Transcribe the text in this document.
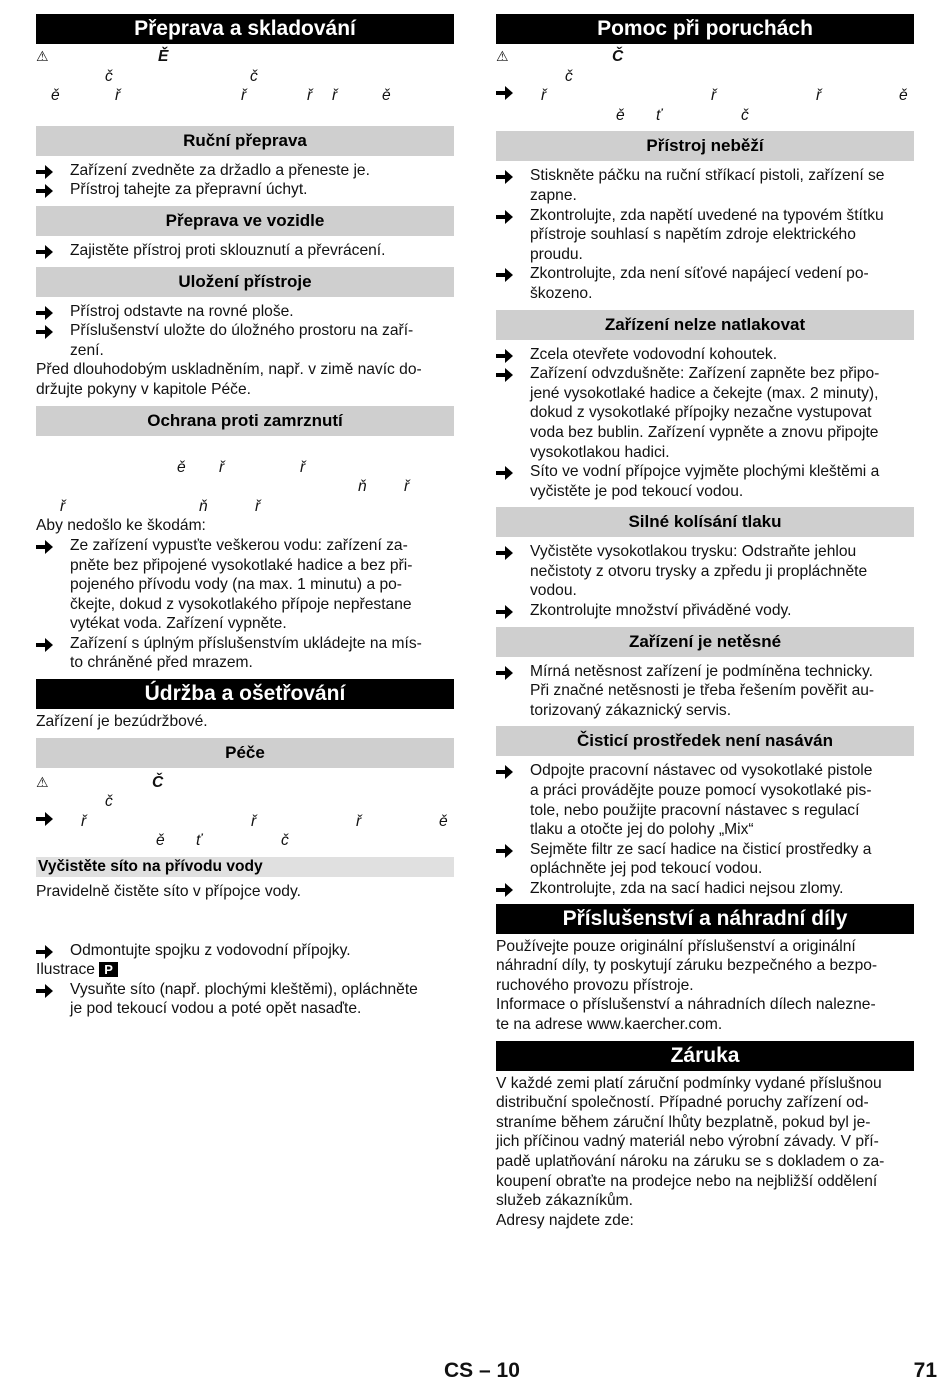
Přeprava a skladování
⚠	Ě
č	č
ě	ř	ř	ř ř	ě
Ruční přeprava
Zařízení zvedněte za držadlo a přeneste je.
Přístroj tahejte za přepravní úchyt.
Přeprava ve vozidle
Zajistěte přístroj proti sklouznutí a převrácení.
Uložení přístroje
Přístroj odstavte na rovné ploše.
Příslušenství uložte do úložného prostoru na zaří-
zení.
Před dlouhodobým uskladněním, např. v zimě navíc do-
držujte pokyny v kapitole Péče.
Ochrana proti zamrznutí
ě ř	ř
ň ř
ř	ň	ř
Aby nedošlo ke škodám:
Ze zařízení vypusťte veškerou vodu: zařízení za-
pněte bez připojené vysokotlaké hadice a bez při-
pojeného přívodu vody (na max. 1 minutu) a po-
čkejte, dokud z vysokotlakého přípoje nepřestane
vytékat voda. Zařízení vypněte.
Zařízení s úplným příslušenstvím ukládejte na mís-
to chráněné před mrazem.
Údržba a ošetřování
Zařízení je bezúdržbové.
Péče
⚠	Č
č
ř	ř	ř	ě
ě ť	č
Vyčistěte síto na přívodu vody
Pravidelně čistěte síto v přípojce vody.
Odmontujte spojku z vodovodní přípojky.
Ilustrace P
Vysuňte síto (např. plochými kleštěmi), opláchněte
je pod tekoucí vodou a poté opět nasaďte.
Pomoc při poruchách
⚠	Č
č
ř	ř	ř	ě
ě ť	č
Přístroj neběží
Stiskněte páčku na ruční stříkací pistoli, zařízení se
zapne.
Zkontrolujte, zda napětí uvedené na typovém štítku
přístroje souhlasí s napětím zdroje elektrického
proudu.
Zkontrolujte, zda není síťové napájecí vedení po-
škozeno.
Zařízení nelze natlakovat
Zcela otevřete vodovodní kohoutek.
Zařízení odvzdušněte: Zařízení zapněte bez připo-
jené vysokotlaké hadice a čekejte (max. 2 minuty),
dokud z vysokotlaké přípojky nezačne vystupovat
voda bez bublin. Zařízení vypněte a znovu připojte
vysokotlakou hadici.
Síto ve vodní přípojce vyjměte plochými kleštěmi a
vyčistěte je pod tekoucí vodou.
Silné kolísání tlaku
Vyčistěte vysokotlakou trysku: Odstraňte jehlou
nečistoty z otvoru trysky a zpředu ji propláchněte
vodou.
Zkontrolujte množství přiváděné vody.
Zařízení je netěsné
Mírná netěsnost zařízení je podmíněna technicky.
Při značné netěsnosti je třeba řešením pověřit au-
torizovaný zákaznický servis.
Čisticí prostředek není nasáván
Odpojte pracovní nástavec od vysokotlaké pistole
a práci provádějte pouze pomocí vysokotlaké pis-
tole, nebo použijte pracovní nástavec s regulací
tlaku a otočte jej do polohy „Mix“
Sejměte filtr ze sací hadice na čisticí prostředky a
opláchněte jej pod tekoucí vodou.
Zkontrolujte, zda na sací hadici nejsou zlomy.
Příslušenství a náhradní díly
Používejte pouze originální příslušenství a originální
náhradní díly, ty poskytují záruku bezpečného a bezpo-
ruchového provozu přístroje.
Informace o příslušenství a náhradních dílech nalezne-
te na adrese www.kaercher.com.
Záruka
V každé zemi platí záruční podmínky vydané příslušnou
distribuční společností. Případné poruchy zařízení od-
straníme během záruční lhůty bezplatně, pokud byl je-
jich příčinou vadný materiál nebo výrobní závady. V pří-
padě uplatňování nároku na záruku se s dokladem o za-
koupení obraťte na prodejce nebo na nejbližší oddělení
služeb zákazníkům.
Adresy najdete zde:
CS – 10	71
